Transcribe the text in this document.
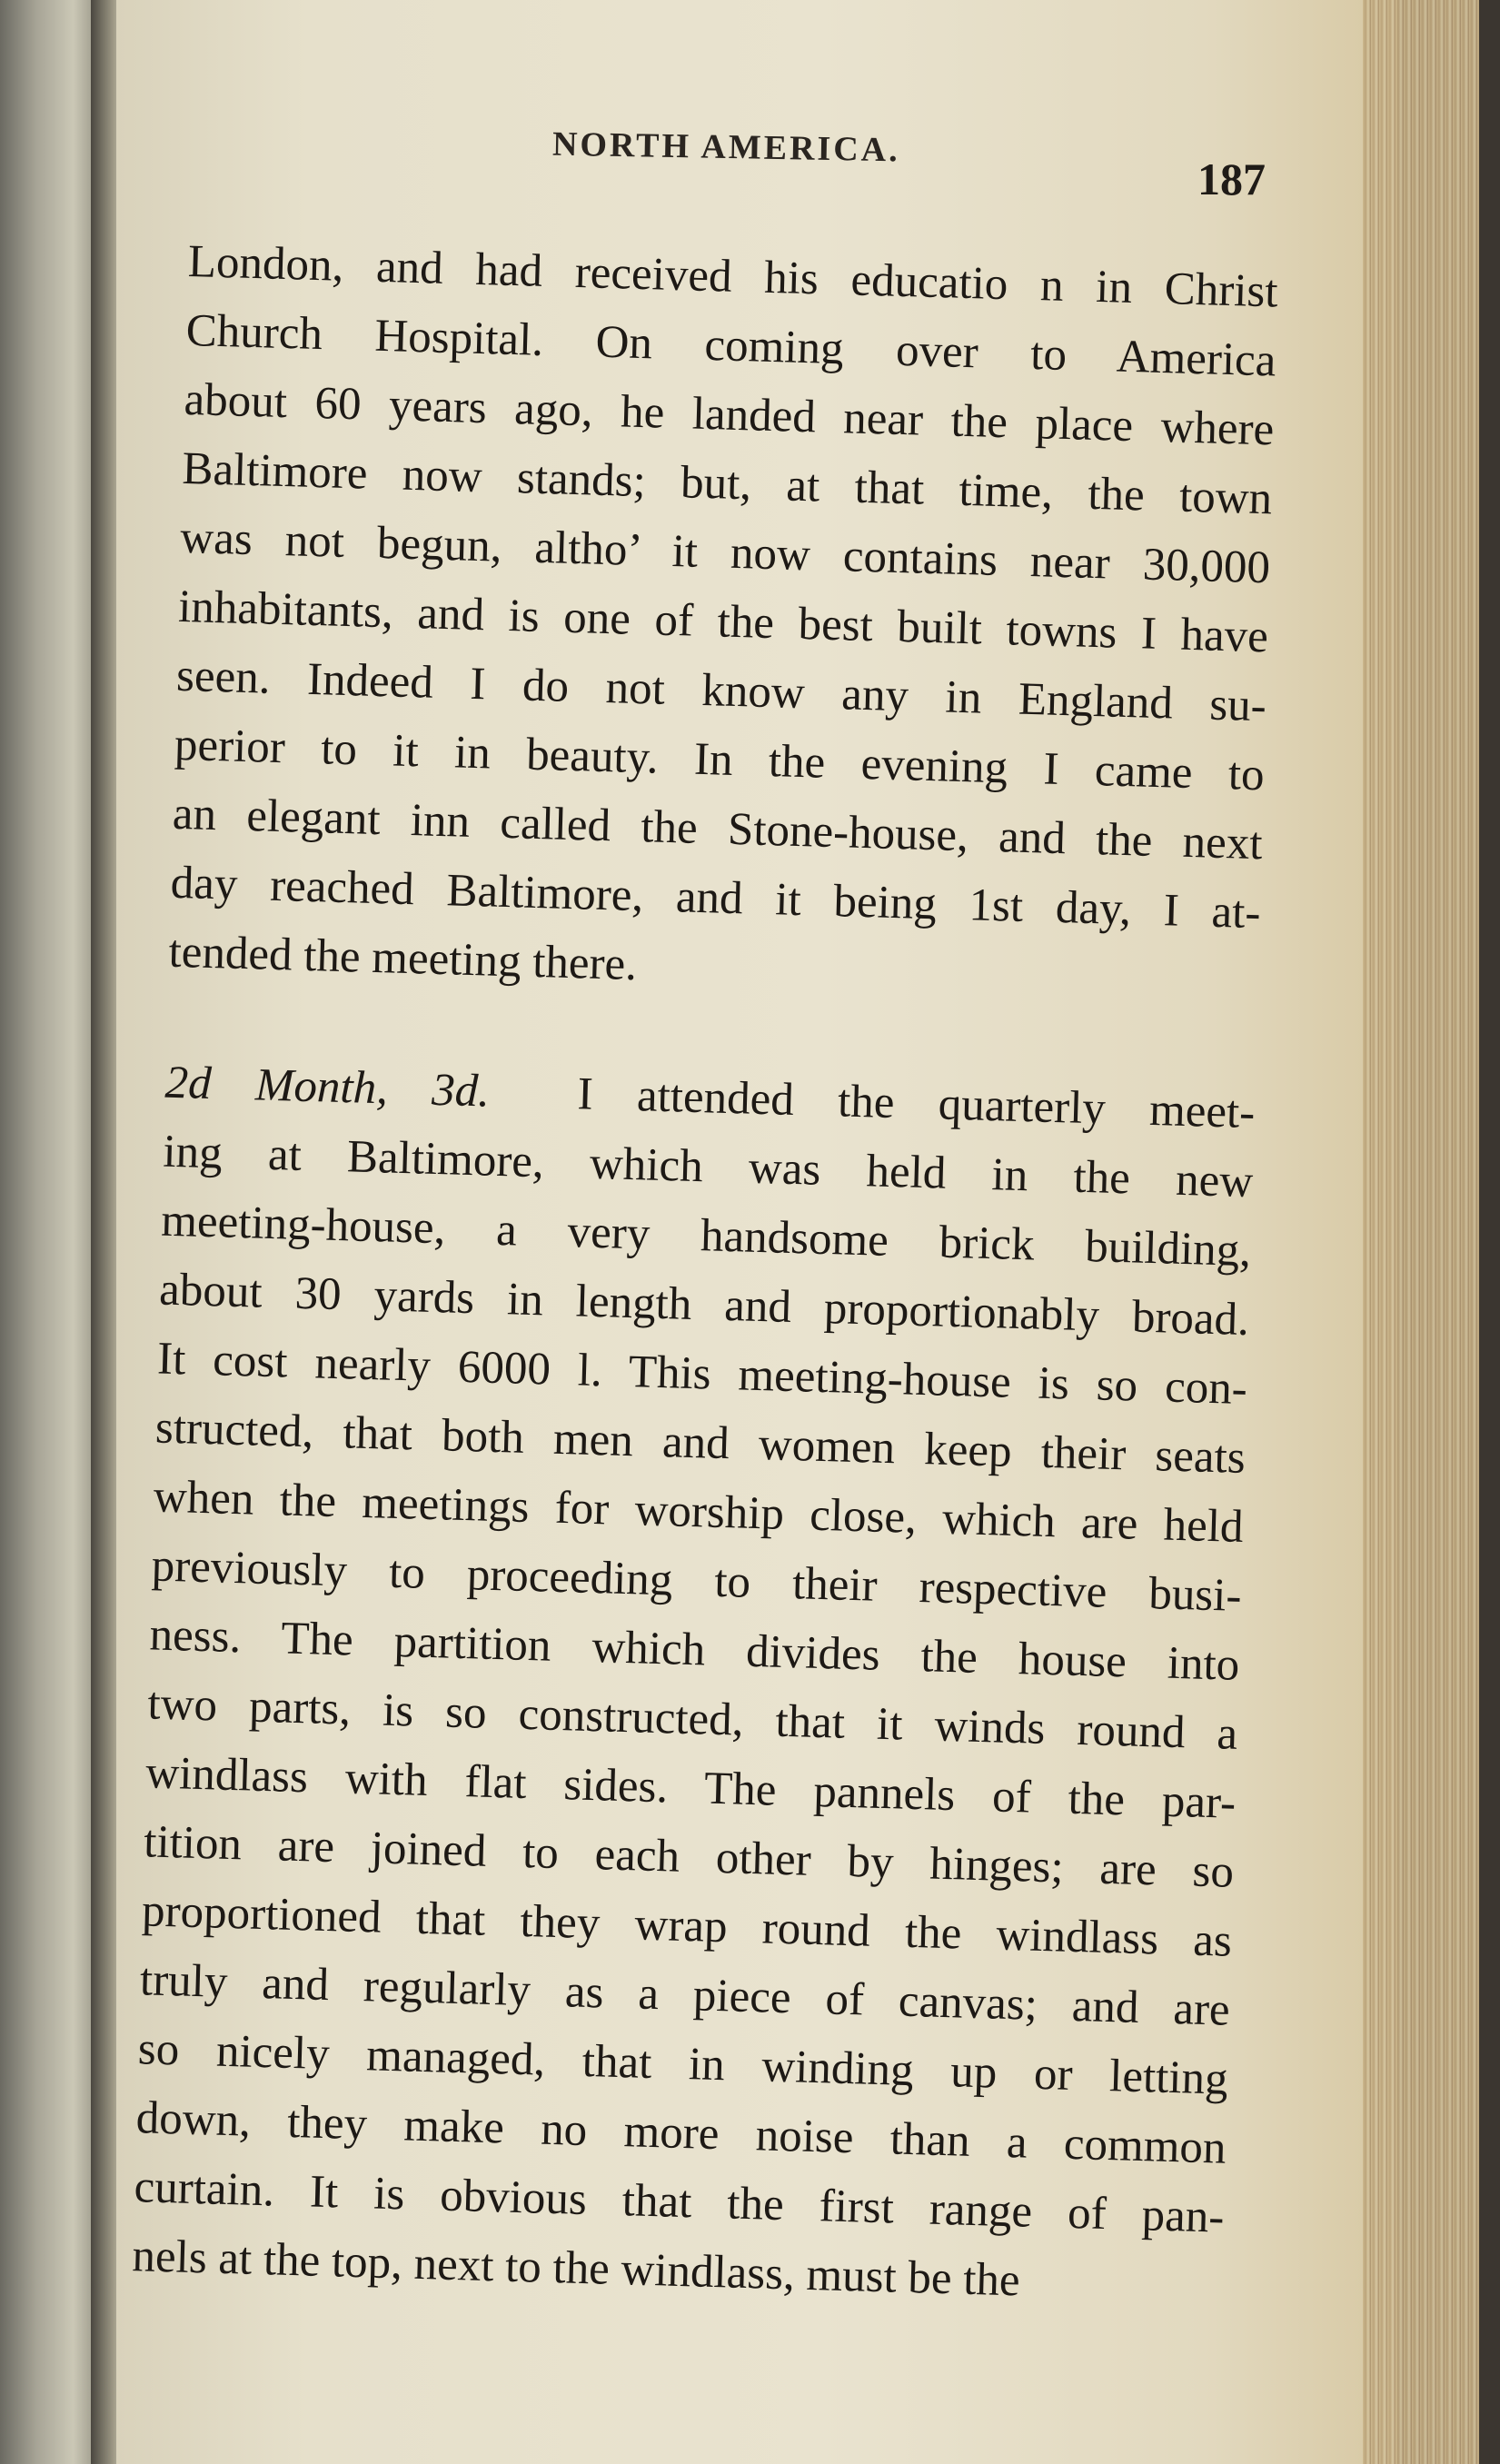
NORTH AMERICA.
187

London, and had received his educatio n in Christ
Church Hospital. On coming over to America
about 60 years ago, he landed near the place where
Baltimore now stands; but, at that time, the town
was not begun, altho’ it now contains near 30,000
inhabitants, and is one of the best built towns I have
seen. Indeed I do not know any in England su-
perior to it in beauty. In the evening I came to
an elegant inn called the Stone-house, and the next
day reached Baltimore, and it being 1st day, I at-
tended the meeting there.

2d Month, 3d. I attended the quarterly meet-
ing at Baltimore, which was held in the new
meeting-house, a very handsome brick building,
about 30 yards in length and proportionably broad.
It cost nearly 6000 l. This meeting-house is so con-
structed, that both men and women keep their seats
when the meetings for worship close, which are held
previously to proceeding to their respective busi-
ness. The partition which divides the house into
two parts, is so constructed, that it winds round a
windlass with flat sides. The pannels of the par-
tition are joined to each other by hinges; are so
proportioned that they wrap round the windlass as
truly and regularly as a piece of canvas; and are
so nicely managed, that in winding up or letting
down, they make no more noise than a common
curtain. It is obvious that the first range of pan-
nels at the top, next to the windlass, must be the
